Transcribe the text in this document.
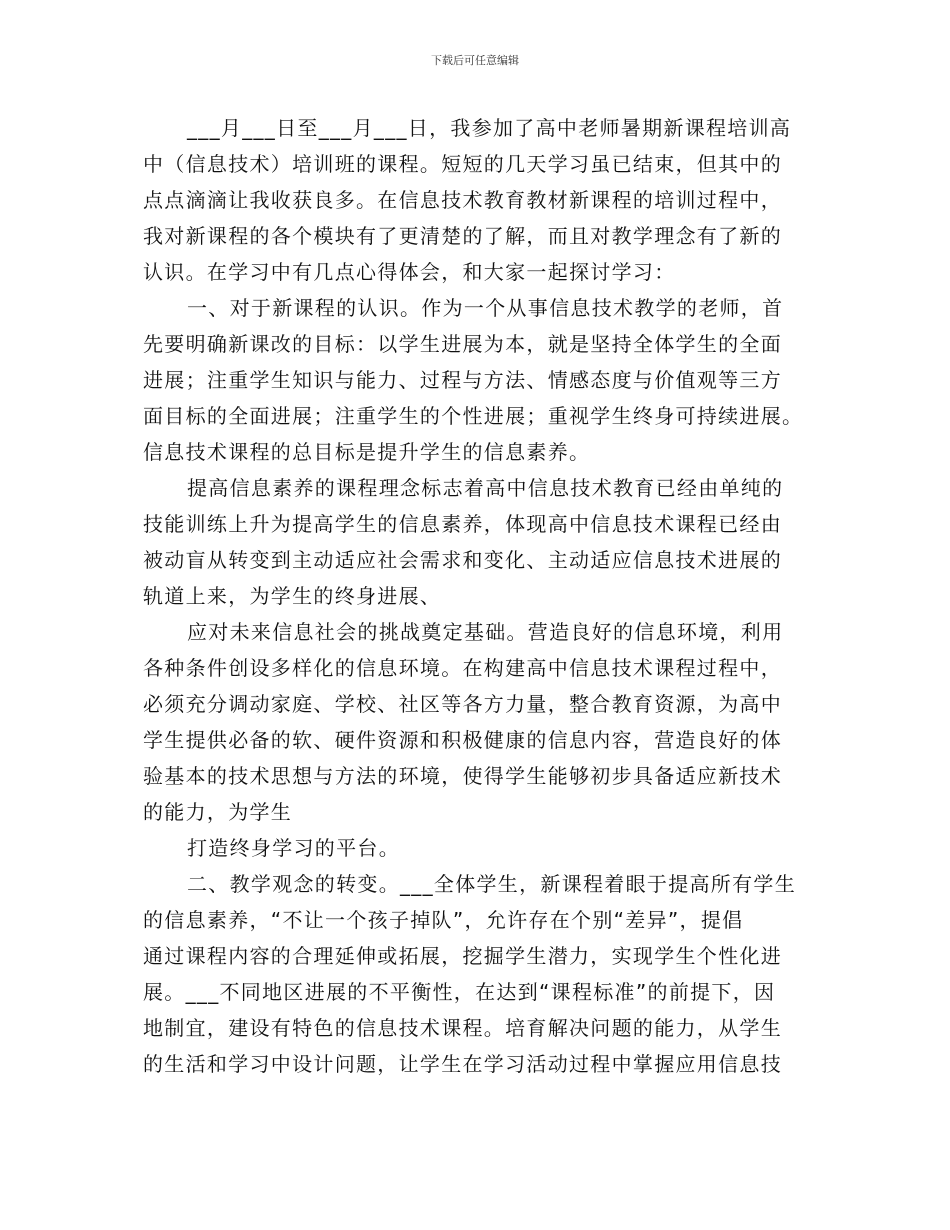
下载后可任意编辑
___月___日至___月___日，我参加了高中老师暑期新课程培训高
中（信息技术）培训班的课程。短短的几天学习虽已结束，但其中的
点点滴滴让我收获良多。在信息技术教育教材新课程的培训过程中，
我对新课程的各个模块有了更清楚的了解，而且对教学理念有了新的
认识。在学习中有几点心得体会，和大家一起探讨学习：
一、对于新课程的认识。作为一个从事信息技术教学的老师，首
先要明确新课改的目标：以学生进展为本，就是坚持全体学生的全面
进展；注重学生知识与能力、过程与方法、情感态度与价值观等三方
面目标的全面进展；注重学生的个性进展；重视学生终身可持续进展。
信息技术课程的总目标是提升学生的信息素养。
提高信息素养的课程理念标志着高中信息技术教育已经由单纯的
技能训练上升为提高学生的信息素养，体现高中信息技术课程已经由
被动盲从转变到主动适应社会需求和变化、主动适应信息技术进展的
轨道上来，为学生的终身进展、
应对未来信息社会的挑战奠定基础。营造良好的信息环境，利用
各种条件创设多样化的信息环境。在构建高中信息技术课程过程中，
必须充分调动家庭、学校、社区等各方力量，整合教育资源，为高中
学生提供必备的软、硬件资源和积极健康的信息内容，营造良好的体
验基本的技术思想与方法的环境，使得学生能够初步具备适应新技术
的能力，为学生
打造终身学习的平台。
二、教学观念的转变。___全体学生，新课程着眼于提高所有学生
的信息素养，“不让一个孩子掉队”，允许存在个别“差异”，提倡
通过课程内容的合理延伸或拓展，挖掘学生潜力，实现学生个性化进
展。___不同地区进展的不平衡性，在达到“课程标准”的前提下，因
地制宜，建设有特色的信息技术课程。培育解决问题的能力，从学生
的生活和学习中设计问题，让学生在学习活动过程中掌握应用信息技
